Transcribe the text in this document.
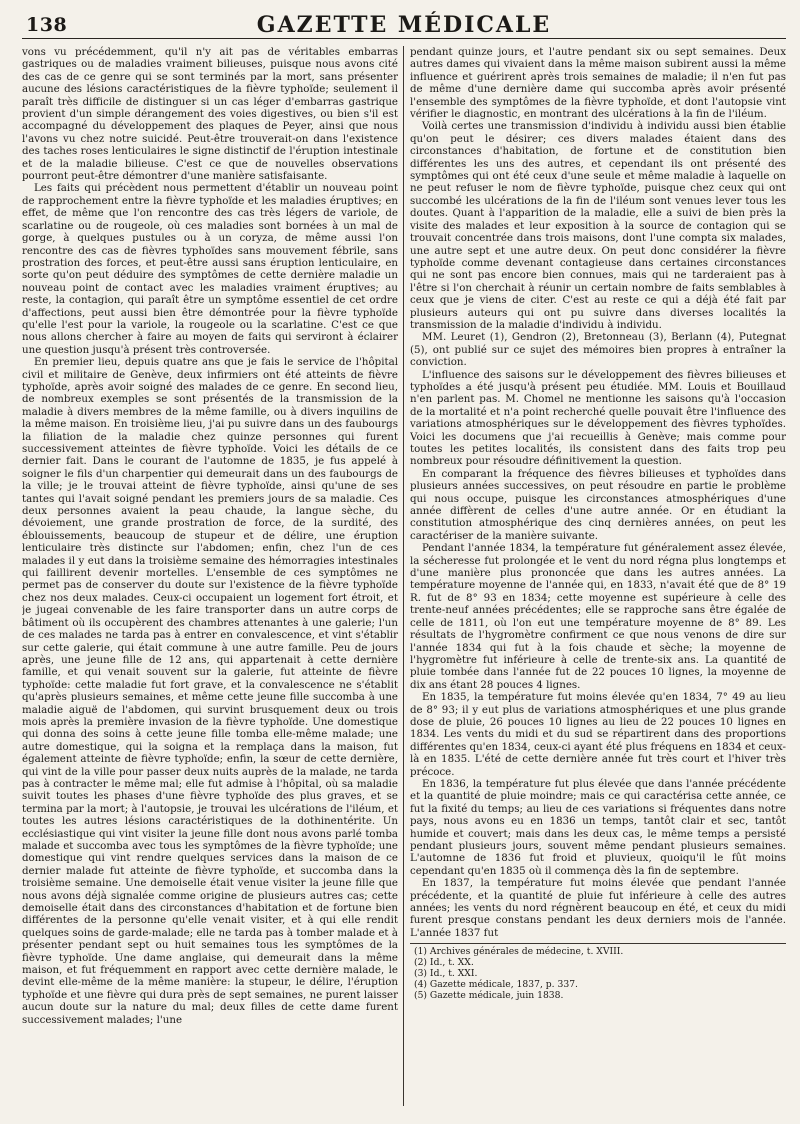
138	GAZETTE MÉDICALE

vons vu précédemment, qu'il n'y ait pas de véritables embarras gastriques ou de maladies vraiment bilieuses, puisque nous avons cité des cas de ce genre qui se sont terminés par la mort, sans présenter aucune des lésions caractéristiques de la fièvre typhoïde; seulement il paraît très difficile de distinguer si un cas léger d'embarras gastrique provient d'un simple dérangement des voies digestives, ou bien s'il est accompagné du développement des plaques de Peyer, ainsi que nous l'avons vu chez notre suicidé. Peut-être trouverait-on dans l'existence des taches roses lenticulaires le signe distinctif de l'éruption intestinale et de la maladie bilieuse. C'est ce que de nouvelles observations pourront peut-être démontrer d'une manière satisfaisante.

Les faits qui précèdent nous permettent d'établir un nouveau point de rapprochement entre la fièvre typhoïde et les maladies éruptives; en effet, de même que l'on rencontre des cas très légers de variole, de scarlatine ou de rougeole, où ces maladies sont bornées à un mal de gorge, à quelques pustules ou à un coryza, de même aussi l'on rencontre des cas de fièvres typhoïdes sans mouvement fébrile, sans prostration des forces, et peut-être aussi sans éruption lenticulaire, en sorte qu'on peut déduire des symptômes de cette dernière maladie un nouveau point de contact avec les maladies vraiment éruptives; au reste, la contagion, qui paraît être un symptôme essentiel de cet ordre d'affections, peut aussi bien être démontrée pour la fièvre typhoïde qu'elle l'est pour la variole, la rougeole ou la scarlatine. C'est ce que nous allons chercher à faire au moyen de faits qui serviront à éclairer une question jusqu'à présent très controversée.

En premier lieu, depuis quatre ans que je fais le service de l'hôpital civil et militaire de Genève, deux infirmiers ont été atteints de fièvre typhoïde, après avoir soigné des malades de ce genre. En second lieu, de nombreux exemples se sont présentés de la transmission de la maladie à divers membres de la même famille, ou à divers inquilins de la même maison. En troisième lieu, j'ai pu suivre dans un des faubourgs la filiation de la maladie chez quinze personnes qui furent successivement atteintes de fièvre typhoïde. Voici les détails de ce dernier fait. Dans le courant de l'automne de 1835, je fus appelé à soigner le fils d'un charpentier qui demeurait dans un des faubourgs de la ville; je le trouvai atteint de fièvre typhoïde, ainsi qu'une de ses tantes qui l'avait soigné pendant les premiers jours de sa maladie. Ces deux personnes avaient la peau chaude, la langue sèche, du dévoiement, une grande prostration de force, de la surdité, des éblouissements, beaucoup de stupeur et de délire, une éruption lenticulaire très distincte sur l'abdomen; enfin, chez l'un de ces malades il y eut dans la troisième semaine des hémorragies intestinales qui faillirent devenir mortelles. L'ensemble de ces symptômes ne permet pas de conserver du doute sur l'existence de la fièvre typhoïde chez nos deux malades. Ceux-ci occupaient un logement fort étroit, et je jugeai convenable de les faire transporter dans un autre corps de bâtiment où ils occupèrent des chambres attenantes à une galerie; l'un de ces malades ne tarda pas à entrer en convalescence, et vint s'établir sur cette galerie, qui était commune à une autre famille. Peu de jours après, une jeune fille de 12 ans, qui appartenait à cette dernière famille, et qui venait souvent sur la galerie, fut atteinte de fièvre typhoïde: cette maladie fut fort grave, et la convalescence ne s'établit qu'après plusieurs semaines, et même cette jeune fille succomba à une maladie aiguë de l'abdomen, qui survint brusquement deux ou trois mois après la première invasion de la fièvre typhoïde. Une domestique qui donna des soins à cette jeune fille tomba elle-même malade; une autre domestique, qui la soigna et la remplaça dans la maison, fut également atteinte de fièvre typhoïde; enfin, la sœur de cette dernière, qui vint de la ville pour passer deux nuits auprès de la malade, ne tarda pas à contracter le même mal; elle fut admise à l'hôpital, où sa maladie suivit toutes les phases d'une fièvre typhoïde des plus graves, et se termina par la mort; à l'autopsie, je trouvai les ulcérations de l'iléum, et toutes les autres lésions caractéristiques de la dothinentérite. Un ecclésiastique qui vint visiter la jeune fille dont nous avons parlé tomba malade et succomba avec tous les symptômes de la fièvre typhoïde; une domestique qui vint rendre quelques services dans la maison de ce dernier malade fut atteinte de fièvre typhoïde, et succomba dans la troisième semaine. Une demoiselle était venue visiter la jeune fille que nous avons déjà signalée comme origine de plusieurs autres cas; cette demoiselle était dans des circonstances d'habitation et de fortune bien différentes de la personne qu'elle venait visiter, et à qui elle rendit quelques soins de garde-malade; elle ne tarda pas à tomber malade et à présenter pendant sept ou huit semaines tous les symptômes de la fièvre typhoïde. Une dame anglaise, qui demeurait dans la même maison, et fut fréquemment en rapport avec cette dernière malade, le devint elle-même de la même manière: la stupeur, le délire, l'éruption typhoïde et une fièvre qui dura près de sept semaines, ne purent laisser aucun doute sur la nature du mal; deux filles de cette dame furent successivement malades; l'une

pendant quinze jours, et l'autre pendant six ou sept semaines. Deux autres dames qui vivaient dans la même maison subirent aussi la même influence et guérirent après trois semaines de maladie; il n'en fut pas de même d'une dernière dame qui succomba après avoir présenté l'ensemble des symptômes de la fièvre typhoïde, et dont l'autopsie vint vérifier le diagnostic, en montrant des ulcérations à la fin de l'iléum.

Voilà certes une transmission d'individu à individu aussi bien établie qu'on peut le désirer; ces divers malades étaient dans des circonstances d'habitation, de fortune et de constitution bien différentes les uns des autres, et cependant ils ont présenté des symptômes qui ont été ceux d'une seule et même maladie à laquelle on ne peut refuser le nom de fièvre typhoïde, puisque chez ceux qui ont succombé les ulcérations de la fin de l'iléum sont venues lever tous les doutes. Quant à l'apparition de la maladie, elle a suivi de bien près la visite des malades et leur exposition à la source de contagion qui se trouvait concentrée dans trois maisons, dont l'une compta six malades, une autre sept et une autre deux. On peut donc considérer la fièvre typhoïde comme devenant contagieuse dans certaines circonstances qui ne sont pas encore bien connues, mais qui ne tarderaient pas à l'être si l'on cherchait à réunir un certain nombre de faits semblables à ceux que je viens de citer. C'est au reste ce qui a déjà été fait par plusieurs auteurs qui ont pu suivre dans diverses localités la transmission de la maladie d'individu à individu.

MM. Leuret (1), Gendron (2), Bretonneau (3), Berlann (4), Putegnat (5), ont publié sur ce sujet des mémoires bien propres à entraîner la conviction.

L'influence des saisons sur le développement des fièvres bilieuses et typhoïdes a été jusqu'à présent peu étudiée. MM. Louis et Bouillaud n'en parlent pas. M. Chomel ne mentionne les saisons qu'à l'occasion de la mortalité et n'a point recherché quelle pouvait être l'influence des variations atmosphériques sur le développement des fièvres typhoïdes. Voici les documens que j'ai recueillis à Genève; mais comme pour toutes les petites localités, ils consistent dans des faits trop peu nombreux pour résoudre définitivement la question.

En comparant la fréquence des fièvres bilieuses et typhoïdes dans plusieurs années successives, on peut résoudre en partie le problème qui nous occupe, puisque les circonstances atmosphériques d'une année diffèrent de celles d'une autre année. Or en étudiant la constitution atmosphérique des cinq dernières années, on peut les caractériser de la manière suivante.

Pendant l'année 1834, la température fut généralement assez élevée, la sécheresse fut prolongée et le vent du nord régna plus longtemps et d'une manière plus prononcée que dans les autres années. La température moyenne de l'année qui, en 1833, n'avait été que de 8° 19 R. fut de 8° 93 en 1834; cette moyenne est supérieure à celle des trente-neuf années précédentes; elle se rapproche sans être égalée de celle de 1811, où l'on eut une température moyenne de 8° 89. Les résultats de l'hygromètre confirment ce que nous venons de dire sur l'année 1834 qui fut à la fois chaude et sèche; la moyenne de l'hygromètre fut inférieure à celle de trente-six ans. La quantité de pluie tombée dans l'année fut de 22 pouces 10 lignes, la moyenne de dix ans étant 28 pouces 4 lignes.

En 1835, la température fut moins élevée qu'en 1834, 7° 49 au lieu de 8° 93; il y eut plus de variations atmosphériques et une plus grande dose de pluie, 26 pouces 10 lignes au lieu de 22 pouces 10 lignes en 1834. Les vents du midi et du sud se répartirent dans des proportions différentes qu'en 1834, ceux-ci ayant été plus fréquens en 1834 et ceux-là en 1835. L'été de cette dernière année fut très court et l'hiver très précoce.

En 1836, la température fut plus élevée que dans l'année précédente et la quantité de pluie moindre; mais ce qui caractérisa cette année, ce fut la fixité du temps; au lieu de ces variations si fréquentes dans notre pays, nous avons eu en 1836 un temps, tantôt clair et sec, tantôt humide et couvert; mais dans les deux cas, le même temps a persisté pendant plusieurs jours, souvent même pendant plusieurs semaines. L'automne de 1836 fut froid et pluvieux, quoiqu'il le fût moins cependant qu'en 1835 où il commença dès la fin de septembre.

En 1837, la température fut moins élevée que pendant l'année précédente, et la quantité de pluie fut inférieure à celle des autres années; les vents du nord régnèrent beaucoup en été, et ceux du midi furent presque constans pendant les deux derniers mois de l'année. L'année 1837 fut

(1) Archives générales de médecine, t. XVIII.
(2) Id., t. XX.
(3) Id., t. XXI.
(4) Gazette médicale, 1837, p. 337.
(5) Gazette médicale, juin 1838.
